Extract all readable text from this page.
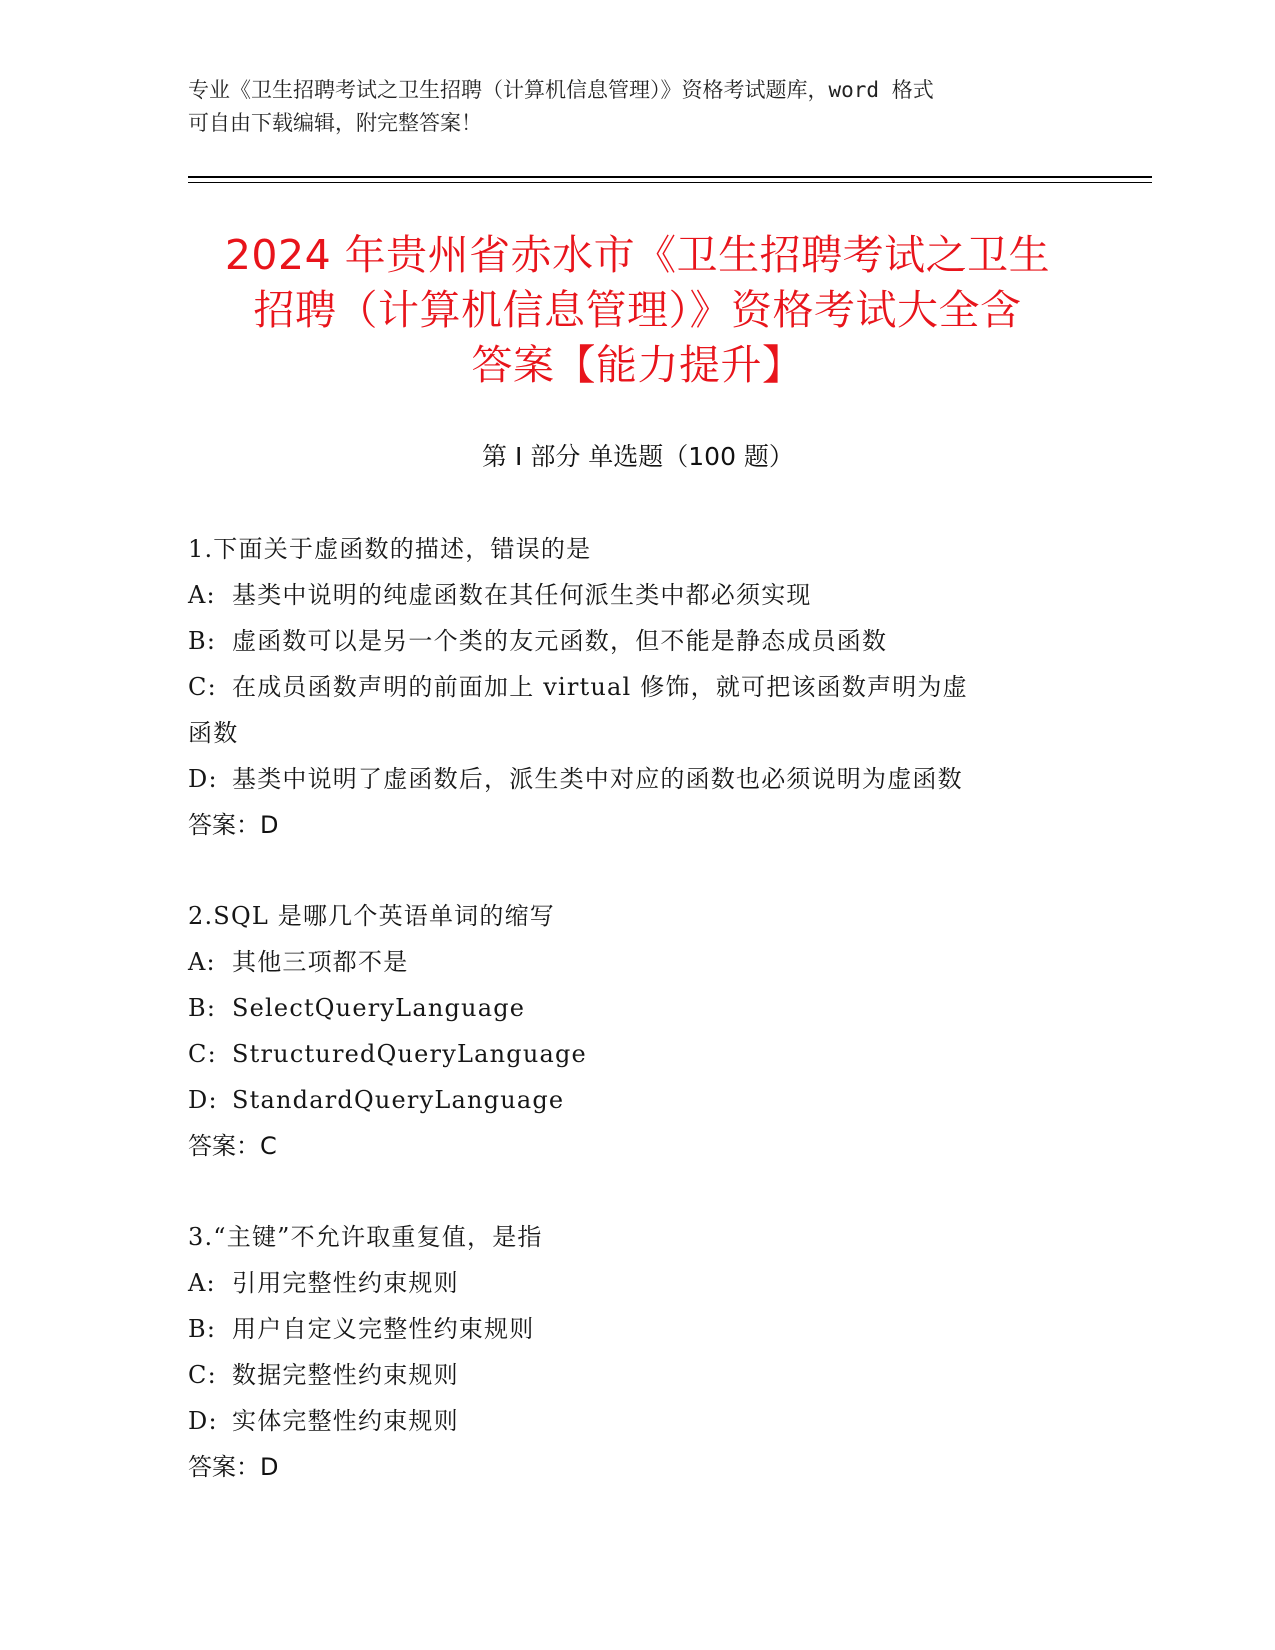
专业《卫生招聘考试之卫生招聘（计算机信息管理）》资格考试题库，word 格式
可自由下载编辑，附完整答案！
2024 年贵州省赤水市《卫生招聘考试之卫生
招聘（计算机信息管理）》资格考试大全含
答案【能力提升】
第 I 部分 单选题（100 题）
1.下面关于虚函数的描述，错误的是
A: 基类中说明的纯虚函数在其任何派生类中都必须实现
B: 虚函数可以是另一个类的友元函数，但不能是静态成员函数
C: 在成员函数声明的前面加上 virtual 修饰，就可把该函数声明为虚
函数
D: 基类中说明了虚函数后，派生类中对应的函数也必须说明为虚函数
答案：D
2.SQL 是哪几个英语单词的缩写
A: 其他三项都不是
B: SelectQueryLanguage
C: StructuredQueryLanguage
D: StandardQueryLanguage
答案：C
3.“主键”不允许取重复值，是指
A: 引用完整性约束规则
B: 用户自定义完整性约束规则
C: 数据完整性约束规则
D: 实体完整性约束规则
答案：D
